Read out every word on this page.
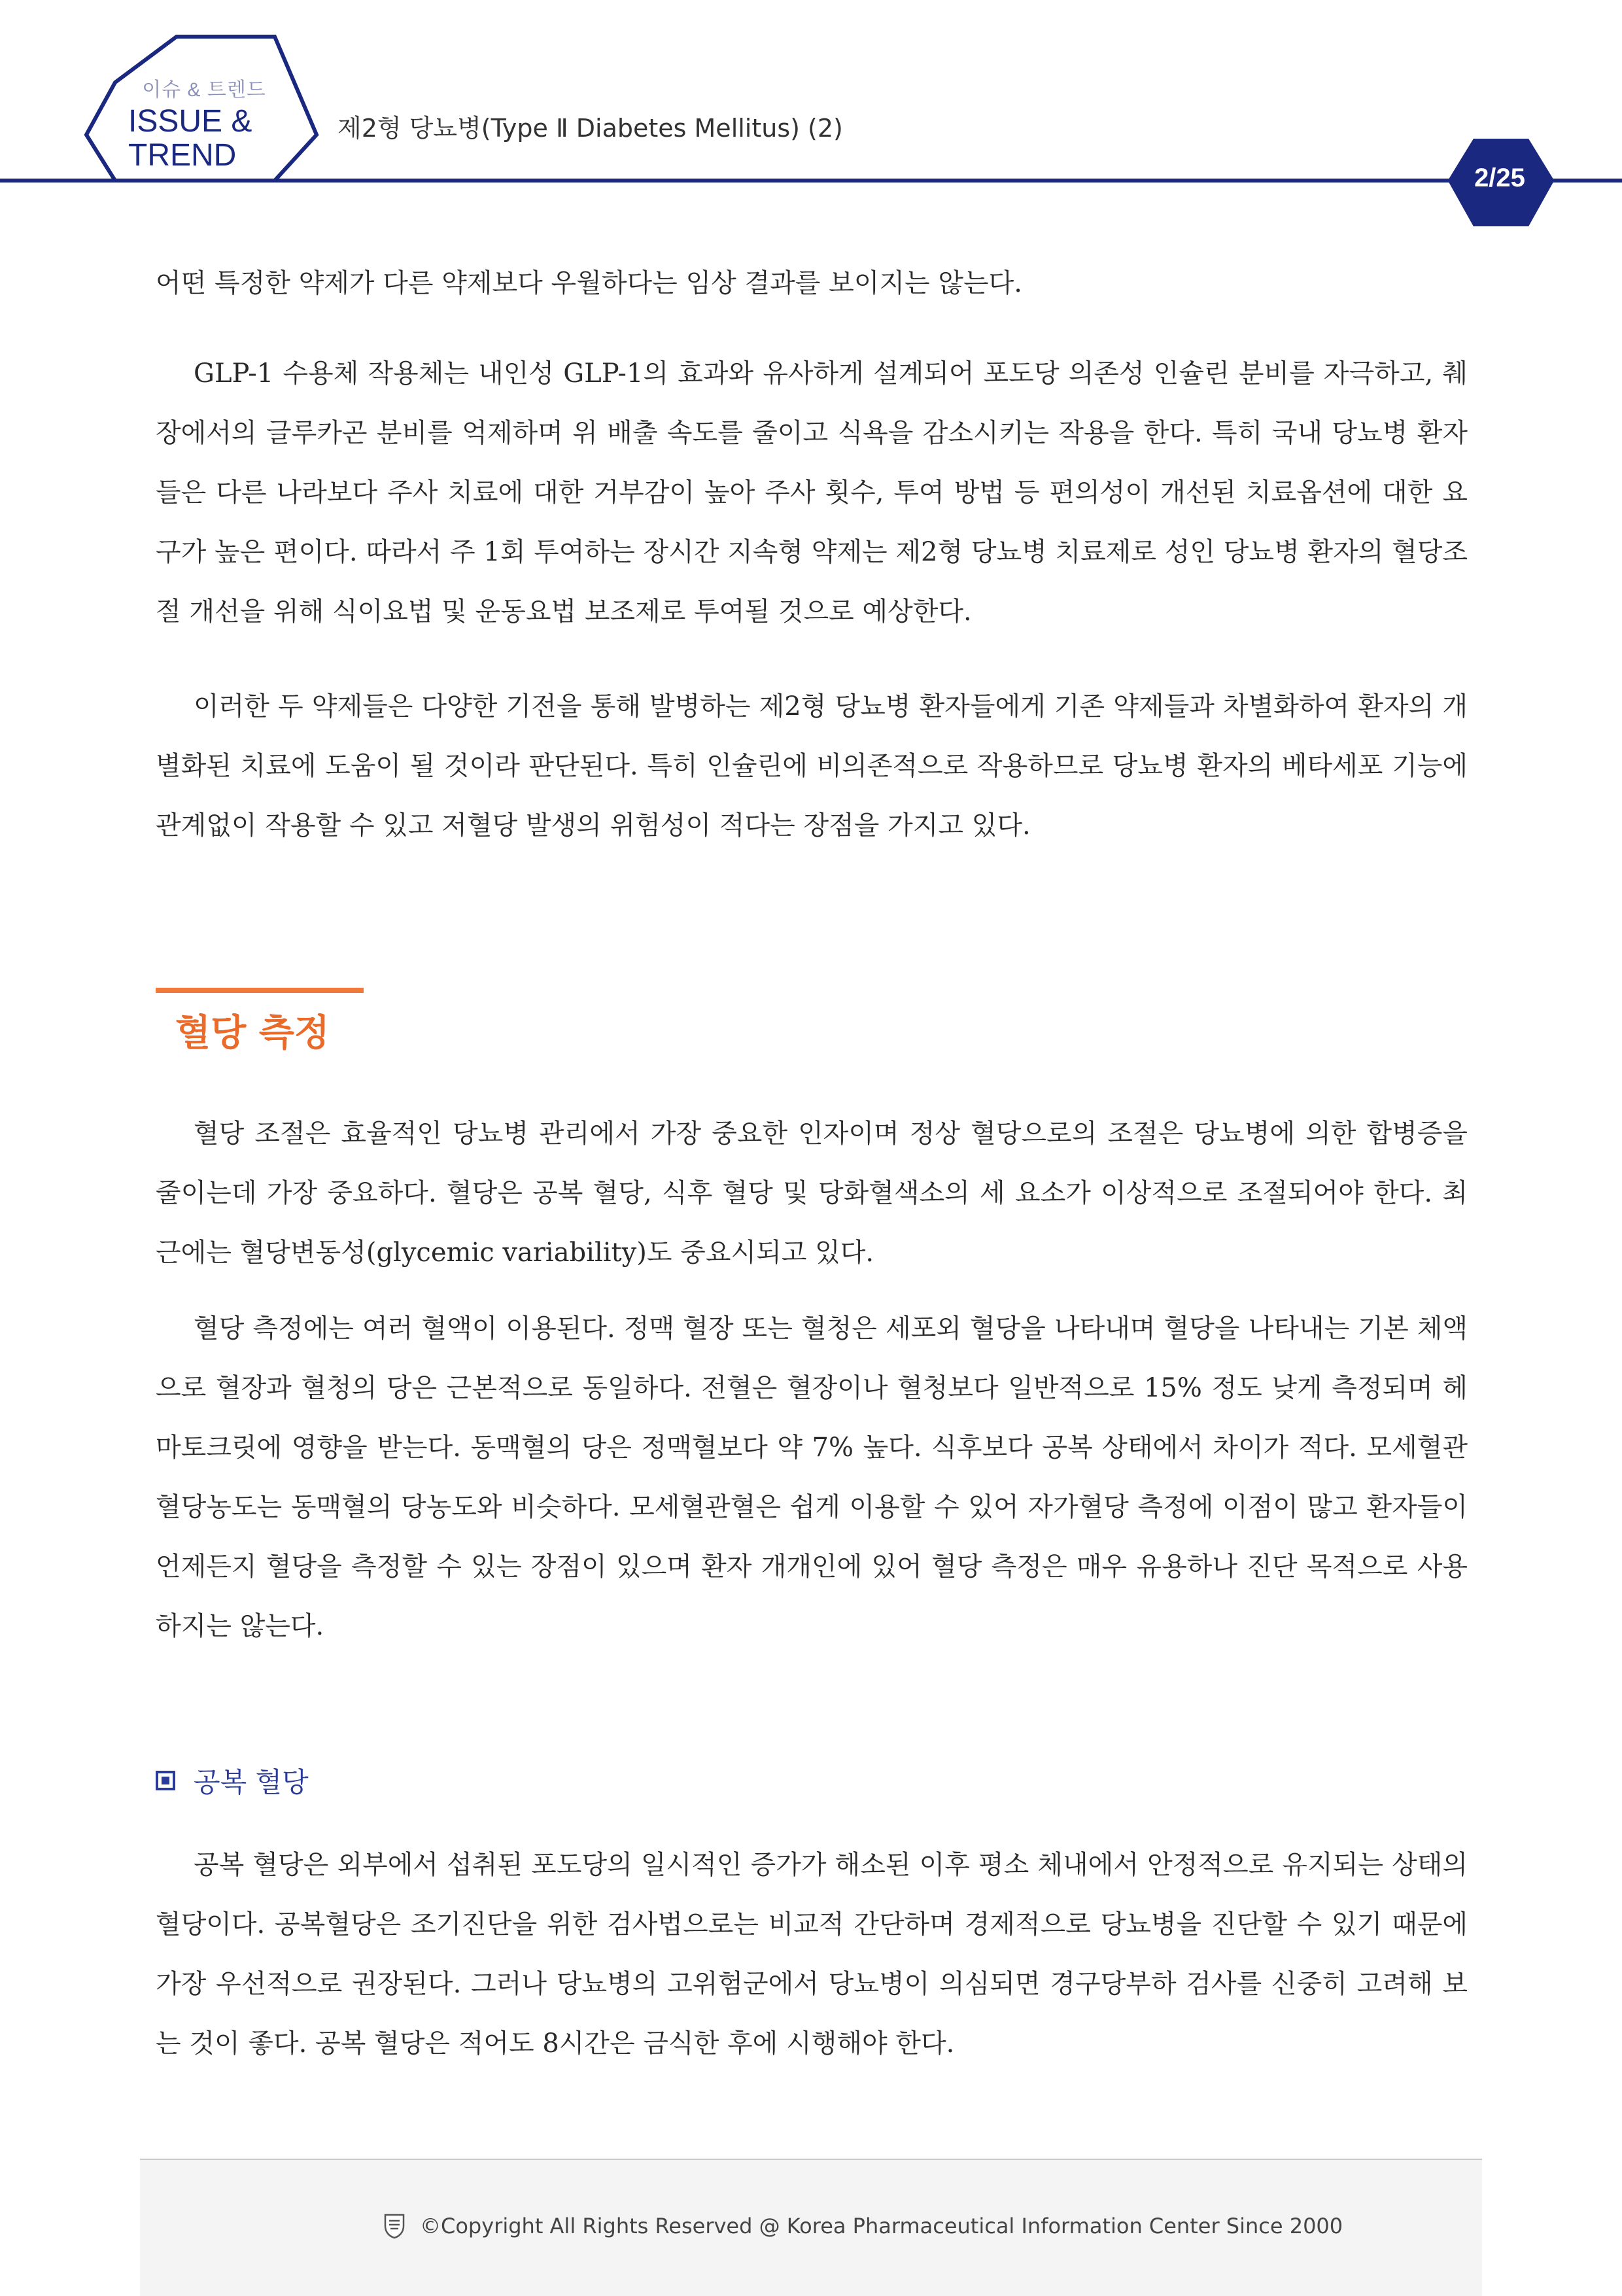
이슈 & 트렌드
ISSUE &
TREND
제2형 당뇨병(Type Ⅱ Diabetes Mellitus) (2)
2/25

어떤 특정한 약제가 다른 약제보다 우월하다는 임상 결과를 보이지는 않는다.

GLP-1 수용체 작용체는 내인성 GLP-1의 효과와 유사하게 설계되어 포도당 의존성 인슐린 분비를 자극하고, 췌장에서의 글루카곤 분비를 억제하며 위 배출 속도를 줄이고 식욕을 감소시키는 작용을 한다. 특히 국내 당뇨병 환자들은 다른 나라보다 주사 치료에 대한 거부감이 높아 주사 횟수, 투여 방법 등 편의성이 개선된 치료옵션에 대한 요구가 높은 편이다. 따라서 주 1회 투여하는 장시간 지속형 약제는 제2형 당뇨병 치료제로 성인 당뇨병 환자의 혈당조절 개선을 위해 식이요법 및 운동요법 보조제로 투여될 것으로 예상한다.

이러한 두 약제들은 다양한 기전을 통해 발병하는 제2형 당뇨병 환자들에게 기존 약제들과 차별화하여 환자의 개별화된 치료에 도움이 될 것이라 판단된다. 특히 인슐린에 비의존적으로 작용하므로 당뇨병 환자의 베타세포 기능에 관계없이 작용할 수 있고 저혈당 발생의 위험성이 적다는 장점을 가지고 있다.

혈당 측정

혈당 조절은 효율적인 당뇨병 관리에서 가장 중요한 인자이며 정상 혈당으로의 조절은 당뇨병에 의한 합병증을 줄이는데 가장 중요하다. 혈당은 공복 혈당, 식후 혈당 및 당화혈색소의 세 요소가 이상적으로 조절되어야 한다. 최근에는 혈당변동성(glycemic variability)도 중요시되고 있다.

혈당 측정에는 여러 혈액이 이용된다. 정맥 혈장 또는 혈청은 세포외 혈당을 나타내며 혈당을 나타내는 기본 체액으로 혈장과 혈청의 당은 근본적으로 동일하다. 전혈은 혈장이나 혈청보다 일반적으로 15% 정도 낮게 측정되며 헤마토크릿에 영향을 받는다. 동맥혈의 당은 정맥혈보다 약 7% 높다. 식후보다 공복 상태에서 차이가 적다. 모세혈관 혈당농도는 동맥혈의 당농도와 비슷하다. 모세혈관혈은 쉽게 이용할 수 있어 자가혈당 측정에 이점이 많고 환자들이 언제든지 혈당을 측정할 수 있는 장점이 있으며 환자 개개인에 있어 혈당 측정은 매우 유용하나 진단 목적으로 사용하지는 않는다.

공복 혈당

공복 혈당은 외부에서 섭취된 포도당의 일시적인 증가가 해소된 이후 평소 체내에서 안정적으로 유지되는 상태의 혈당이다. 공복혈당은 조기진단을 위한 검사법으로는 비교적 간단하며 경제적으로 당뇨병을 진단할 수 있기 때문에 가장 우선적으로 권장된다. 그러나 당뇨병의 고위험군에서 당뇨병이 의심되면 경구당부하 검사를 신중히 고려해 보는 것이 좋다. 공복 혈당은 적어도 8시간은 금식한 후에 시행해야 한다.

©Copyright All Rights Reserved @ Korea Pharmaceutical Information Center Since 2000
